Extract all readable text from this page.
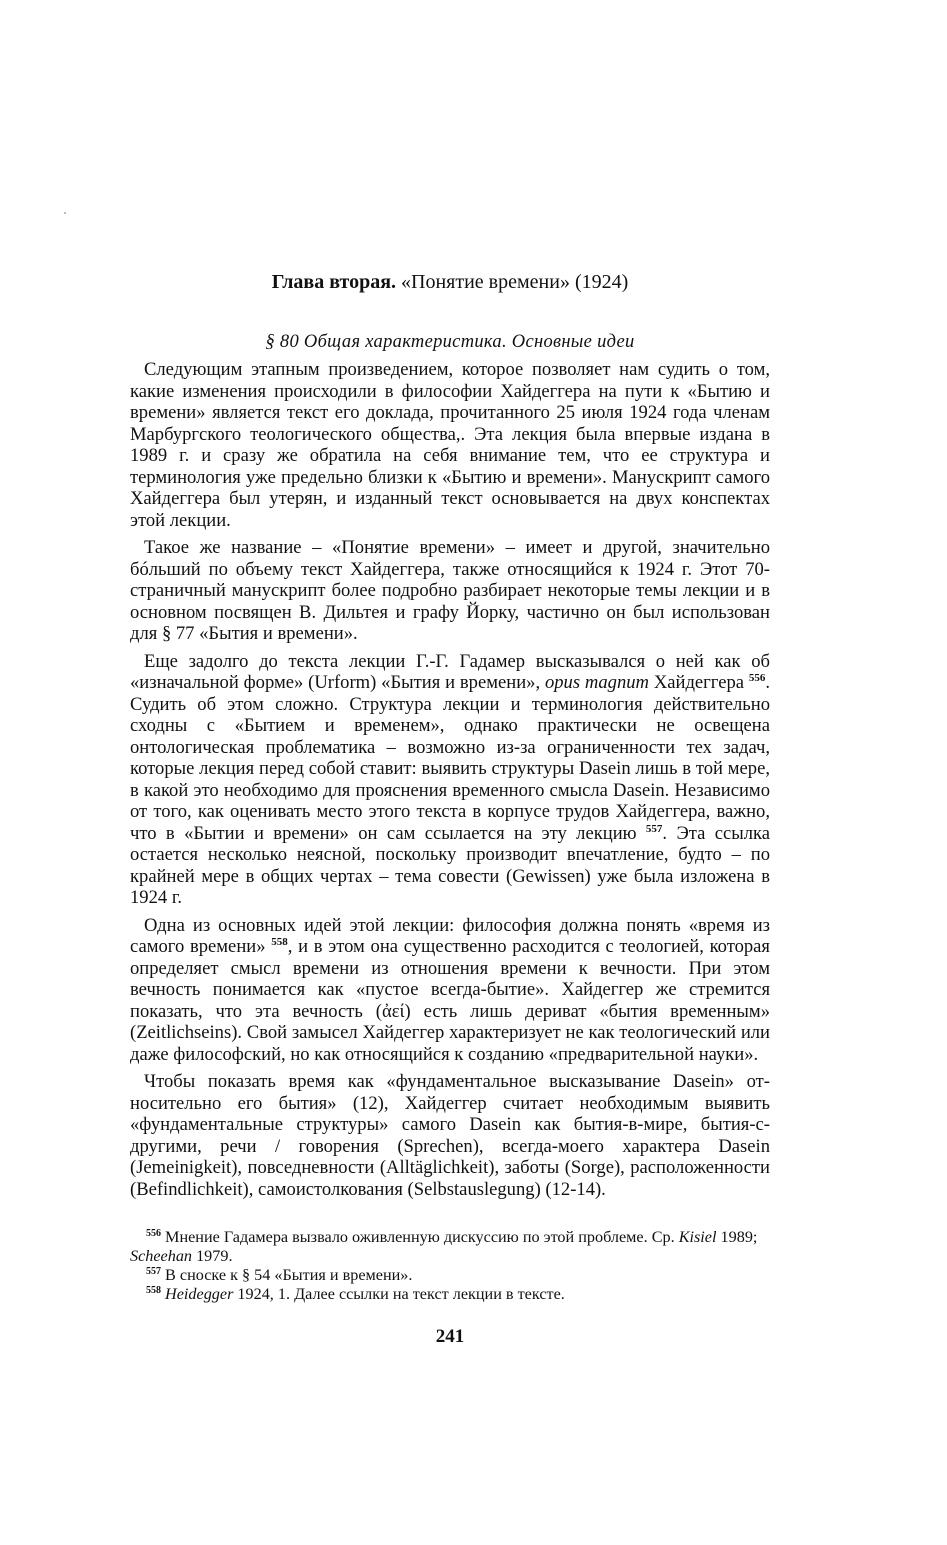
Глава вторая. «Понятие времени» (1924)

§ 80 Общая характеристика. Основные идеи

Следующим этапным произведением, которое позволяет нам судить о том, какие изменения происходили в философии Хайдеггера на пути к «Бытию и времени» является текст его доклада, прочитанного 25 июля 1924 года членам Марбургского теологического общества,. Эта лекция была впервые издана в 1989 г. и сразу же обратила на себя внимание тем, что ее структура и терминология уже предельно близки к «Бытию и времени». Манускрипт самого Хайдеггера был утерян, и изданный текст основывается на двух конспектах этой лекции.

Такое же название – «Понятие времени» – имеет и другой, значительно бóльший по объему текст Хайдеггера, также относящийся к 1924 г. Этот 70-страничный манускрипт более подробно разбирает некоторые темы лекции и в основном посвящен В. Дильтея и графу Йорку, частично он был использован для § 77 «Бытия и времени».

Еще задолго до текста лекции Г.-Г. Гадамер высказывался о ней как об «изначальной форме» (Urform) «Бытия и времени», opus magnum Хайдеггера $^{556}$. Судить об этом сложно. Структура лекции и терминология действительно сходны с «Бытием и временем», однако практически не освещена онтологическая проблематика – возможно из-за ограниченности тех задач, которые лекция перед собой ставит: выявить структуры Dasein лишь в той мере, в какой это необходимо для прояснения временного смысла Dasein. Независимо от того, как оценивать место этого текста в корпусе трудов Хайдеггера, важно, что в «Бытии и времени» он сам ссылается на эту лекцию $^{557}$. Эта ссылка остается несколько неясной, поскольку производит впечатление, будто – по крайней мере в общих чертах – тема совести (Gewissen) уже была изложена в 1924 г.

Одна из основных идей этой лекции: философия должна понять «время из самого времени» $^{558}$, и в этом она существенно расходится с теологией, которая определяет смысл времени из отношения времени к вечности. При этом вечность понимается как «пустое всегда-бытие». Хайдеггер же стремится показать, что эта вечность (ἀεί) есть лишь дериват «бытия временным» (Zeitlichseins). Свой замысел Хайдеггер характеризует не как теологический или даже философский, но как относящийся к созданию «предварительной науки».

Чтобы показать время как «фундаментальное высказывание Dasein» относительно его бытия» (12), Хайдеггер считает необходимым выявить «фундаментальные структуры» самого Dasein как бытия-в-мире, бытия-с-другими, речи / говорения (Sprechen), всегда-моего характера Dasein (Jemeinigkeit), повседневности (Alltäglichkeit), заботы (Sorge), расположенности (Befindlichkeit), самоистолкования (Selbstauslegung) (12-14).

$^{556}$ Мнение Гадамера вызвало оживленную дискуссию по этой проблеме. Ср. Kisiel 1989; Scheehan 1979.

$^{557}$ В сноске к § 54 «Бытия и времени».

$^{558}$ Heidegger 1924, 1. Далее ссылки на текст лекции в тексте.

241
